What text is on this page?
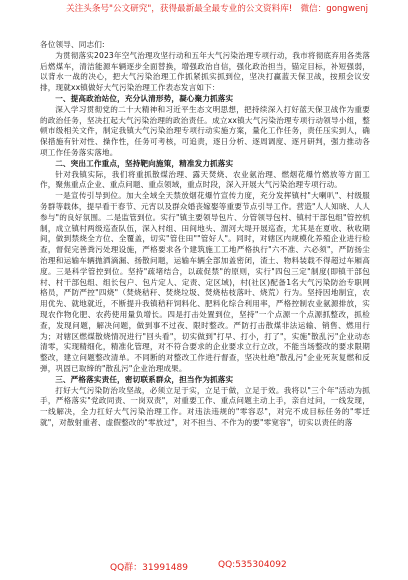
关注头条号"公文研究"，获得最新最全最专业的公文资料库!   微信：gongwenj

各位领导、同志们:

为贯彻落实2023年空气治理攻坚行动和五年大气污染治理专项行动，我市将彻底弃用各类落后燃煤车，清洁能源车辆逐步全面替换，增强政治自信，强化政治担当，锚定目标，补短强弱，以背水一战的决心，把大气污染治理工作抓紧抓实抓到位，坚决打赢蓝天保卫战，按照会议安排，现就xx镇做好大气污染治理工作表态发言如下：

一、提高政治站位，充分认清形势，凝心聚力抓落实

深入学习贯彻党的二十大精神和习近平生态文明思想，把持续深入打好蓝天保卫战作为重要的政治任务，坚决扛起大气污染治理的政治责任。成立xx镇大气污染治理专项行动领导小组，整顿市级相关文件，制定我镇大气污染治理专项行动实施方案，量化工作任务，责任压实到人，确保措施有针对性、操作性，任务可考核，可追责，逐日分析、逐周调度、逐月研判，强力推动各项工作任务落实落地。

二、突出工作重点，坚持靶向施策，精准发力抓落实

针对我镇实际，我们将重抓散煤治理、露天焚烧、农业氨治理、燃烟花爆竹燃放等方面工作，聚焦重点企业、重点问题、重点领域，重点时段，深入开展大气污染治理专项行动。

一是宣传引导到位。加大全域全天禁放烟花爆竹宣传力度，充分发挥镇村"大喇叭"、村级服务群等载体，提早看干春节、元宵以及群众婚丧嫁娶等重要节点引导工作。营造"人人知晓、人人参与"的良好氛围。二是监管到位。实行"镇主要领导包片、分管领导包村、镇村干部包组"管控机制，成立镇村两级巡查队伍，深入村组、田间地头、渭河大堤开展巡查，尤其是在夏收、秋收期间，做到禁烧全方位、全覆盖，切实"管住田""管好人"。同时，对辖区内规模化养殖企业进行检查，督促完善粪污处理设施，严格要求各个建筑施工工地严格执行"六不准、六必须"，严防扬尘治理和运输车辆抛洒滴漏、扬散问题，运输车辆全部加盖密闭，渣土、物料装载不得超过车厢高度。三是科学管控到位。坚持"疏堵结合，以疏促禁"的原则，实行"四包三定"制度(即镇干部包村、村干部包组、组长包户、包片定人、定责、定区域)，村(社区)配备1名大气污染防治专职网格员，严防严控"四烧"（焚烧秸秆、焚烧垃圾、焚烧枯枝落叶、烧荒）行为。坚持因地制宜，农用优先、就地就近，不断提升我镇秸秆饲料化、肥料化综合利用率，严格控制农业氨源排放，实现农作物化肥、农药使用量负增长。四是打击处置到位，坚持"一个点源一个点源抓整改，抓检查，发现问题，解决问题，做到事不过夜、限时整改。严防打击散煤非法运输、销售、燃用行为；对辖区燃煤散烧情况进行"回头看"，切实做到"打早、打小，打了"，实施"散乱污"企业动态清零，实现精细化，精准化管理，对不符合要求的企业要求立行立改，不能当场整改的要求限期整改，建立问题整改清单。不同断的对整改工作进行督查，坚决杜绝"散乱污"企业死灰复燃和反弹，巩固已取缔的"散乱污"企业治理成果。

三、严格落实责任，密切联系群众，担当作为抓落实

打好大气污染防治攻坚战，必须立足于实，立足于做，立足于效。我将以"三个年"活动为抓手，严格落实"党政同责、一岗双责"，对重要工作、重点问题主动上手，亲自过问，一线发现，一线解决，全力扛好大气污染治理工作。对违法违规的"零容忍"，对完不成目标任务的"零迁就"，对散射重者、虚假整改的"零放过"，对不担当、不作为的要"零宽容"，切实以责任的落

QQ群：31991489	QQ:535304092
